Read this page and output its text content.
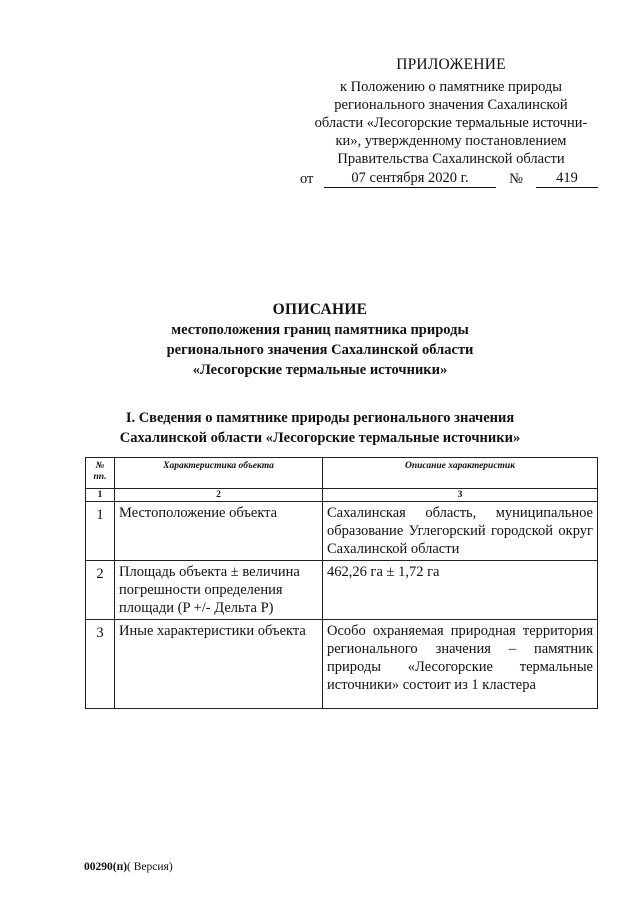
ПРИЛОЖЕНИЕ
к Положению о памятнике природы
регионального значения Сахалинской
области «Лесогорские термальные источни-
ки», утвержденному постановлением
Правительства Сахалинской области
от	07 сентября 2020 г.	№	419
ОПИСАНИЕ
местоположения границ памятника природы
регионального значения Сахалинской области
«Лесогорские термальные источники»
I. Сведения о памятнике природы регионального значения
Сахалинской области «Лесогорские термальные источники»
№
пп.	Характеристика объекта	Описание характеристик
1	2	3
1	Местоположение объекта	Сахалинская область, муниципальное образование Углегорский городской округ Сахалинской области
2	Площадь объекта ± величина погрешности определения площади (P +/- Дельта P)	462,26 га ± 1,72 га
3	Иные характеристики объекта	Особо охраняемая природная территория регионального значения – памятник природы «Лесогорские термальные источники» состоит из 1 кластера
00290(п)( Версия)
